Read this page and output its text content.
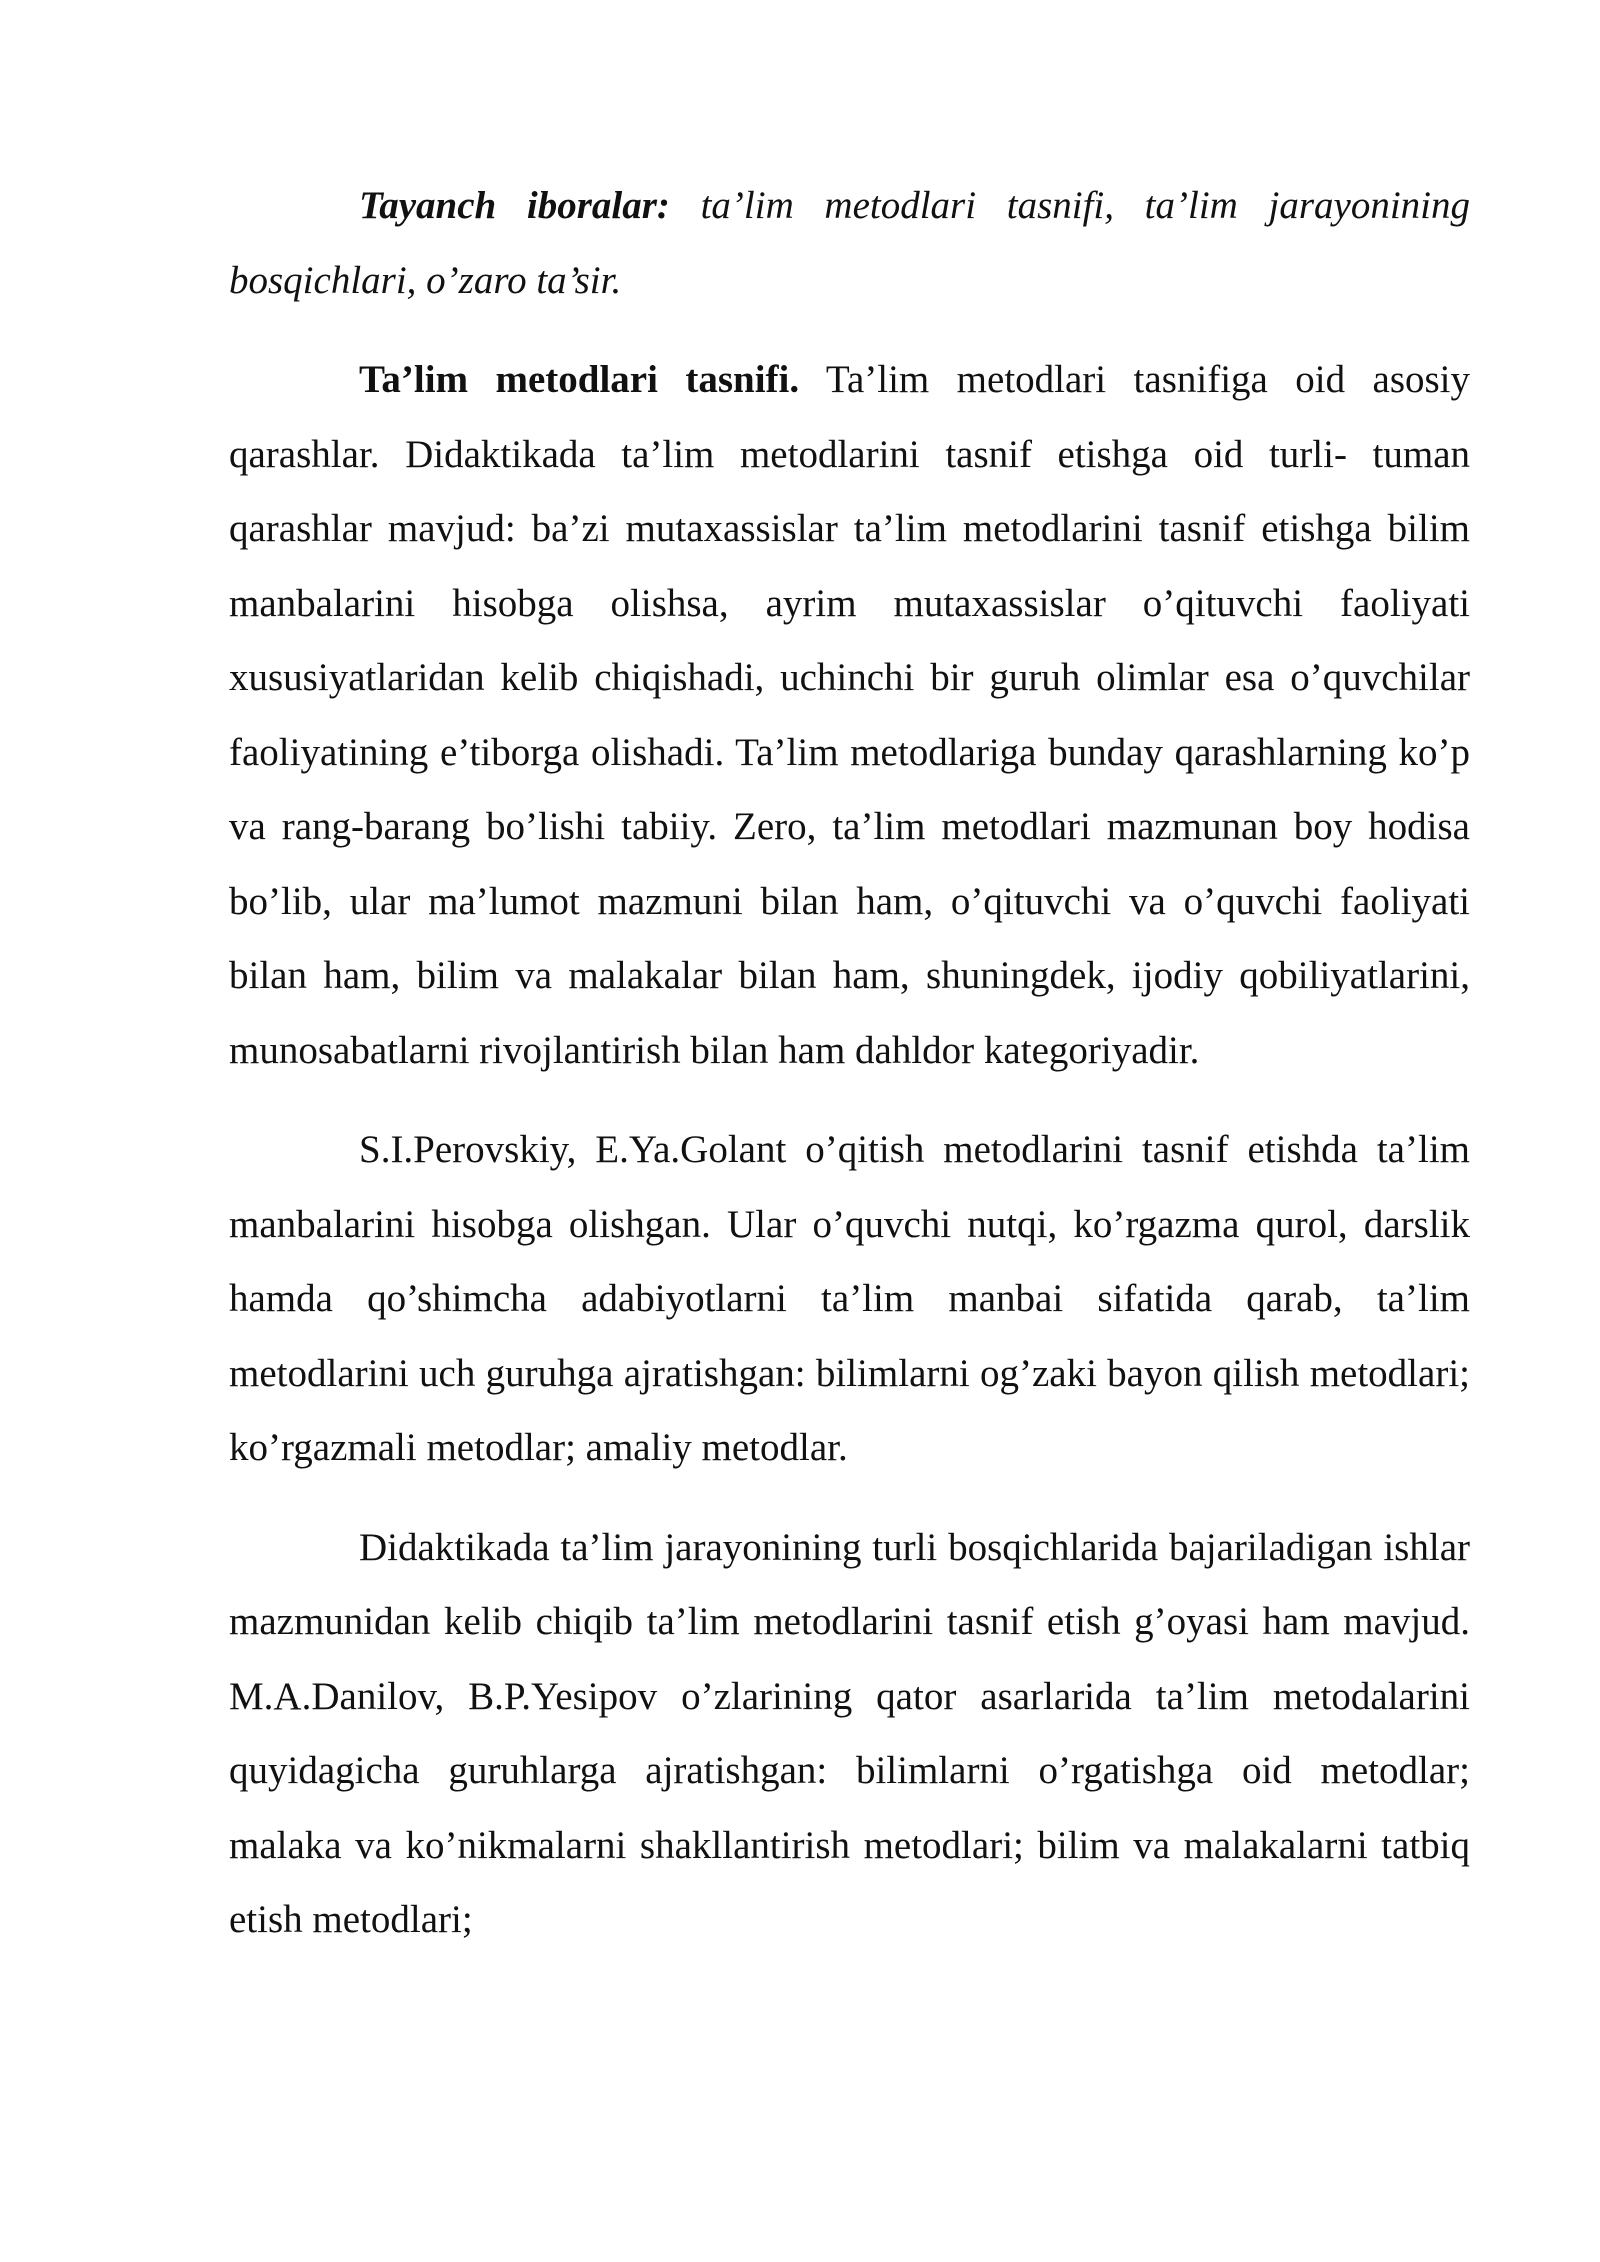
Tayanch iboralar: ta’lim metodlari tasnifi, ta’lim jarayonining bosqichlari, o’zaro ta’sir.

Ta’lim metodlari tasnifi. Ta’lim metodlari tasnifiga oid asosiy qarashlar. Didaktikada ta’lim metodlarini tasnif etishga oid turli- tuman qarashlar mavjud: ba’zi mutaxassislar ta’lim metodlarini tasnif etishga bilim manbalarini hisobga olishsa, ayrim mutaxassislar o’qituvchi faoliyati xususiyatlaridan kelib chiqishadi, uchinchi bir guruh olimlar esa o’quvchilar faoliyatining e’tiborga olishadi. Ta’lim metodlariga bunday qarashlarning ko’p va rang-barang bo’lishi tabiiy. Zero, ta’lim metodlari mazmunan boy hodisa bo’lib, ular ma’lumot mazmuni bilan ham, o’qituvchi va o’quvchi faoliyati bilan ham, bilim va malakalar bilan ham, shuningdek, ijodiy qobiliyatlarini, munosabatlarni rivojlantirish bilan ham dahldor kategoriyadir.

S.I.Perovskiy, E.Ya.Golant o’qitish metodlarini tasnif etishda ta’lim manbalarini hisobga olishgan. Ular o’quvchi nutqi, ko’rgazma qurol, darslik hamda qo’shimcha adabiyotlarni ta’lim manbai sifatida qarab, ta’lim metodlarini uch guruhga ajratishgan: bilimlarni og’zaki bayon qilish metodlari; ko’rgazmali metodlar; amaliy metodlar.

Didaktikada ta’lim jarayonining turli bosqichlarida bajariladigan ishlar mazmunidan kelib chiqib ta’lim metodlarini tasnif etish g’oyasi ham mavjud. M.A.Danilov, B.P.Yesipov o’zlarining qator asarlarida ta’lim metodalarini quyidagicha guruhlarga ajratishgan: bilimlarni o’rgatishga oid metodlar; malaka va ko’nikmalarni shakllantirish metodlari; bilim va malakalarni tatbiq etish metodlari;
